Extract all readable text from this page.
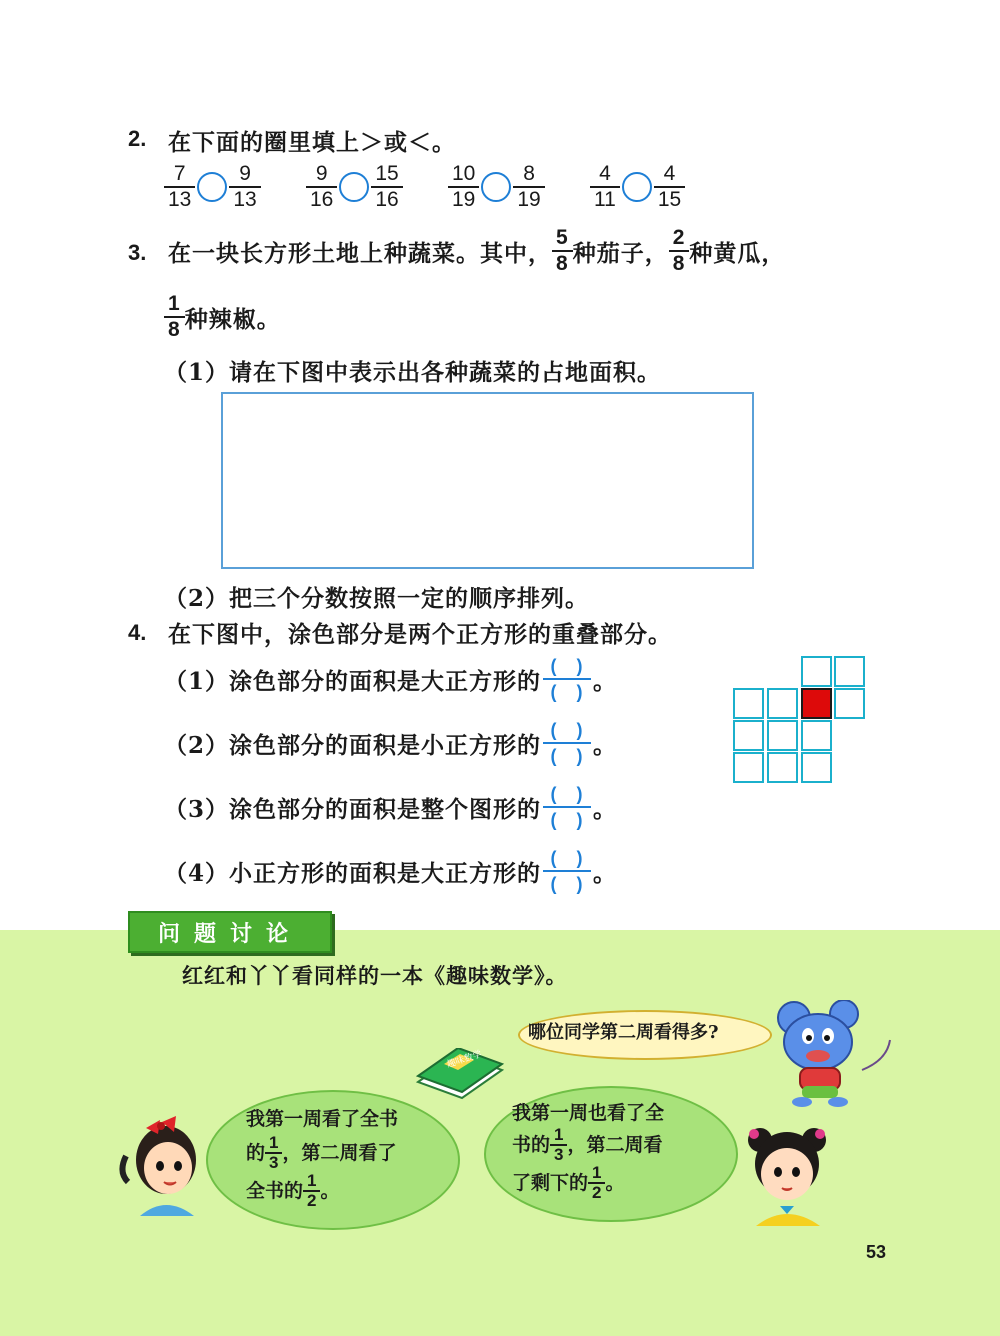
2. 在下面的圈里填上＞或＜。
$\frac{7}{13} \frac{9}{13} \frac{9}{16} \frac{15}{16} \frac{10}{19} \frac{8}{19} \frac{4}{11} \frac{4}{15}$
3. 在一块长方形土地上种蔬菜。其中， $\frac{5}{8}$ 种茄子， $\frac{2}{8}$ 种黄瓜，
$\frac{1}{8}$ 种辣椒。
（1）请在下图中表示出各种蔬菜的占地面积。
（2）把三个分数按照一定的顺序排列。
4. 在下图中，涂色部分是两个正方形的重叠部分。
（1）涂色部分的面积是大正方形的 $\frac{( )}{( )}$ 。
（2）涂色部分的面积是小正方形的 $\frac{( )}{( )}$ 。
（3）涂色部分的面积是整个图形的 $\frac{( )}{( )}$ 。
（4）小正方形的面积是大正方形的 $\frac{( )}{( )}$ 。
问题讨论
红红和丫丫看同样的一本《趣味数学》。
哪位同学第二周看得多?
趣味数学
我第一周看了全书
的 $\frac{1}{3}$ ，第二周看了
全书的 $\frac{1}{2}$ 。
我第一周也看了全
书的 $\frac{1}{3}$ ，第二周看
了剩下的 $\frac{1}{2}$ 。
53
